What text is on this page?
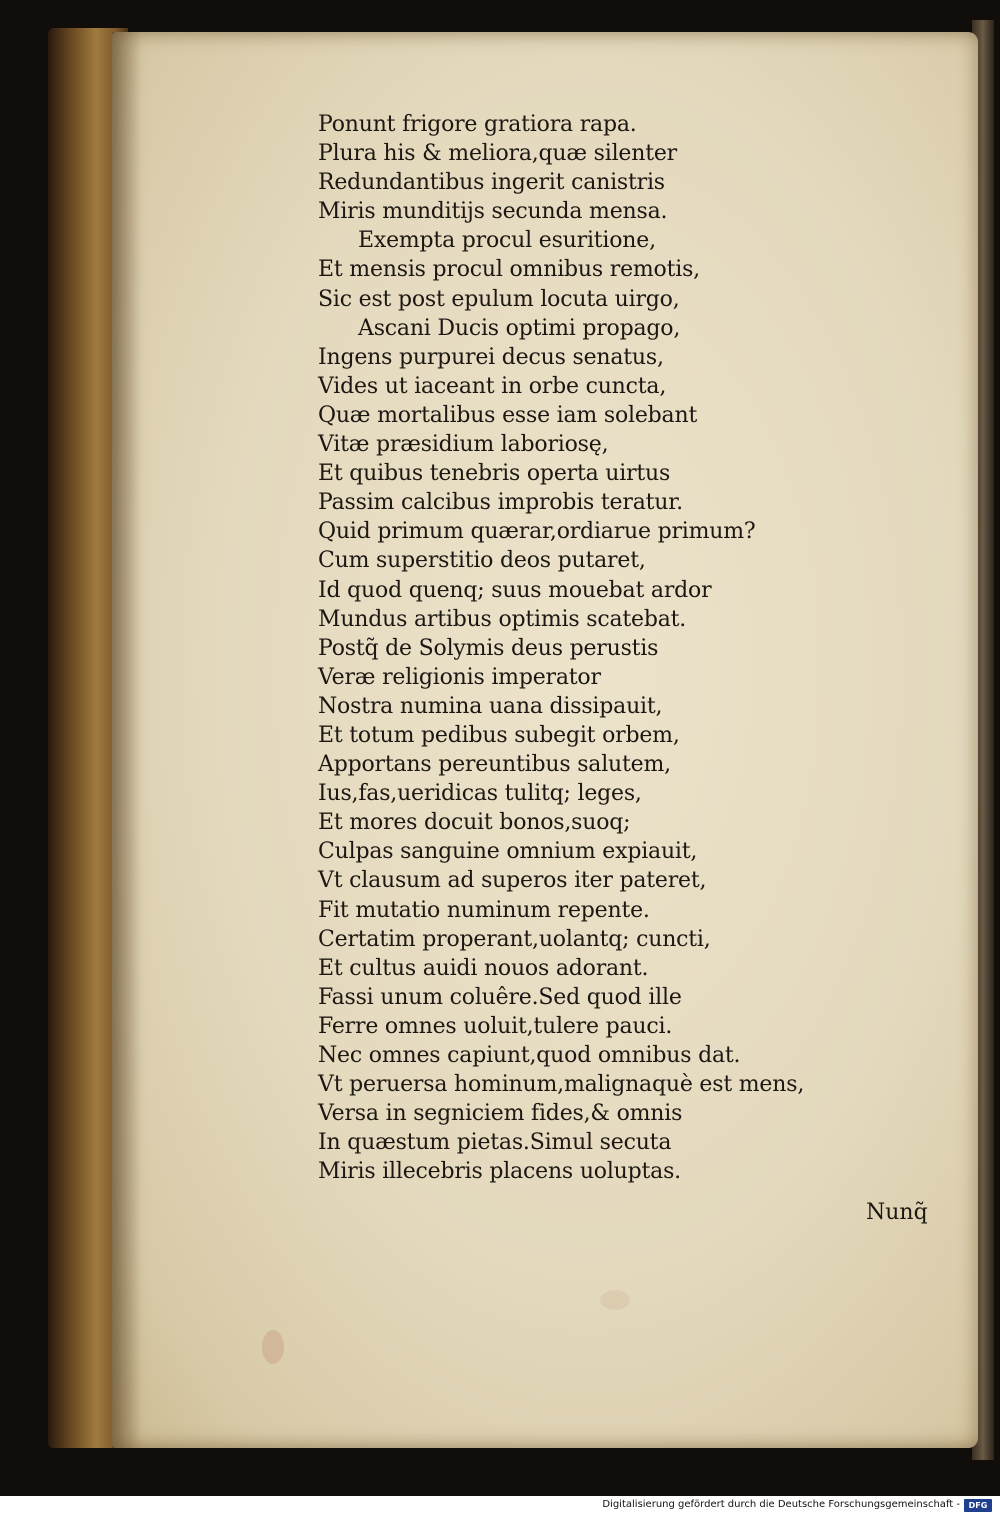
Ponunt frigore gratiora rapa.
Plura his & meliora,quæ silenter
Redundantibus ingerit canistris
Miris munditijs secunda mensa.
Exempta procul esuritione,
Et mensis procul omnibus remotis,
Sic est post epulum locuta uirgo,
Ascani Ducis optimi propago,
Ingens purpurei decus senatus,
Vides ut iaceant in orbe cuncta,
Quæ mortalibus esse iam solebant
Vitæ præsidium laboriosę,
Et quibus tenebris operta uirtus
Passim calcibus improbis teratur.
Quid primum quærar,ordiarue primum?
Cum superstitio deos putaret,
Id quod quenq; suus mouebat ardor
Mundus artibus optimis scatebat.
Postq̃ de Solymis deus perustis
Veræ religionis imperator
Nostra numina uana dissipauit,
Et totum pedibus subegit orbem,
Apportans pereuntibus salutem,
Ius,fas,ueridicas tulitq; leges,
Et mores docuit bonos,suoq;
Culpas sanguine omnium expiauit,
Vt clausum ad superos iter pateret,
Fit mutatio numinum repente.
Certatim properant,uolantq; cuncti,
Et cultus auidi nouos adorant.
Fassi unum coluêre.Sed quod ille
Ferre omnes uoluit,tulere pauci.
Nec omnes capiunt,quod omnibus dat.
Vt peruersa hominum,malignaquè est mens,
Versa in segniciem fides,& omnis
In quæstum pietas.Simul secuta
Miris illecebris placens uoluptas.
Nunq̃
Digitalisierung gefördert durch die Deutsche Forschungsgemeinschaft -	DFG
